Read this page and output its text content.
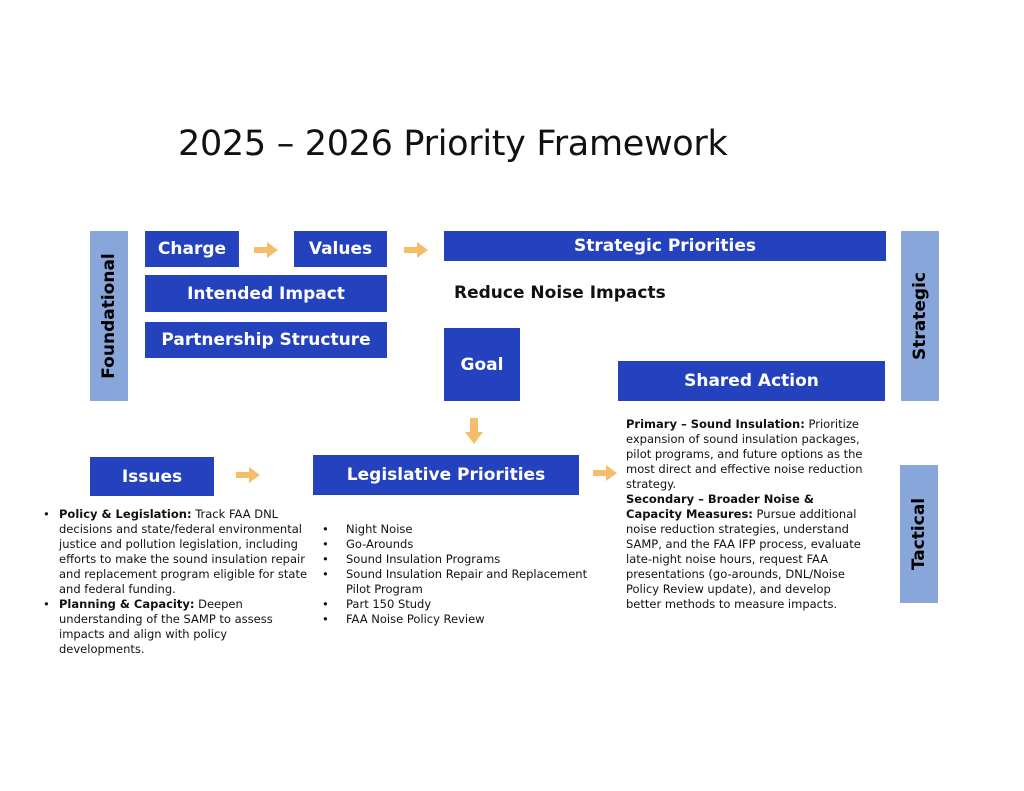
2025 – 2026 Priority Framework
Foundational	Strategic
Tactical
Charge	Values
Intended Impact
Partnership Structure
Strategic Priorities
Reduce Noise Impacts
Goal
Shared Action
Issues	Legislative Priorities
• Policy & Legislation: Track FAA DNL decisions and state/federal environmental justice and pollution legislation, including efforts to make the sound insulation repair and replacement program eligible for state and federal funding.
• Planning & Capacity: Deepen understanding of the SAMP to assess impacts and align with policy developments.
• Night Noise
• Go-Arounds
• Sound Insulation Programs
• Sound Insulation Repair and Replacement Pilot Program
• Part 150 Study
• FAA Noise Policy Review

Primary – Sound Insulation: Prioritize expansion of sound insulation packages, pilot programs, and future options as the most direct and effective noise reduction strategy.

Secondary – Broader Noise & Capacity Measures: Pursue additional noise reduction strategies, understand SAMP, and the FAA IFP process, evaluate late-night noise hours, request FAA presentations (go-arounds, DNL/Noise Policy Review update), and develop better methods to measure impacts.
